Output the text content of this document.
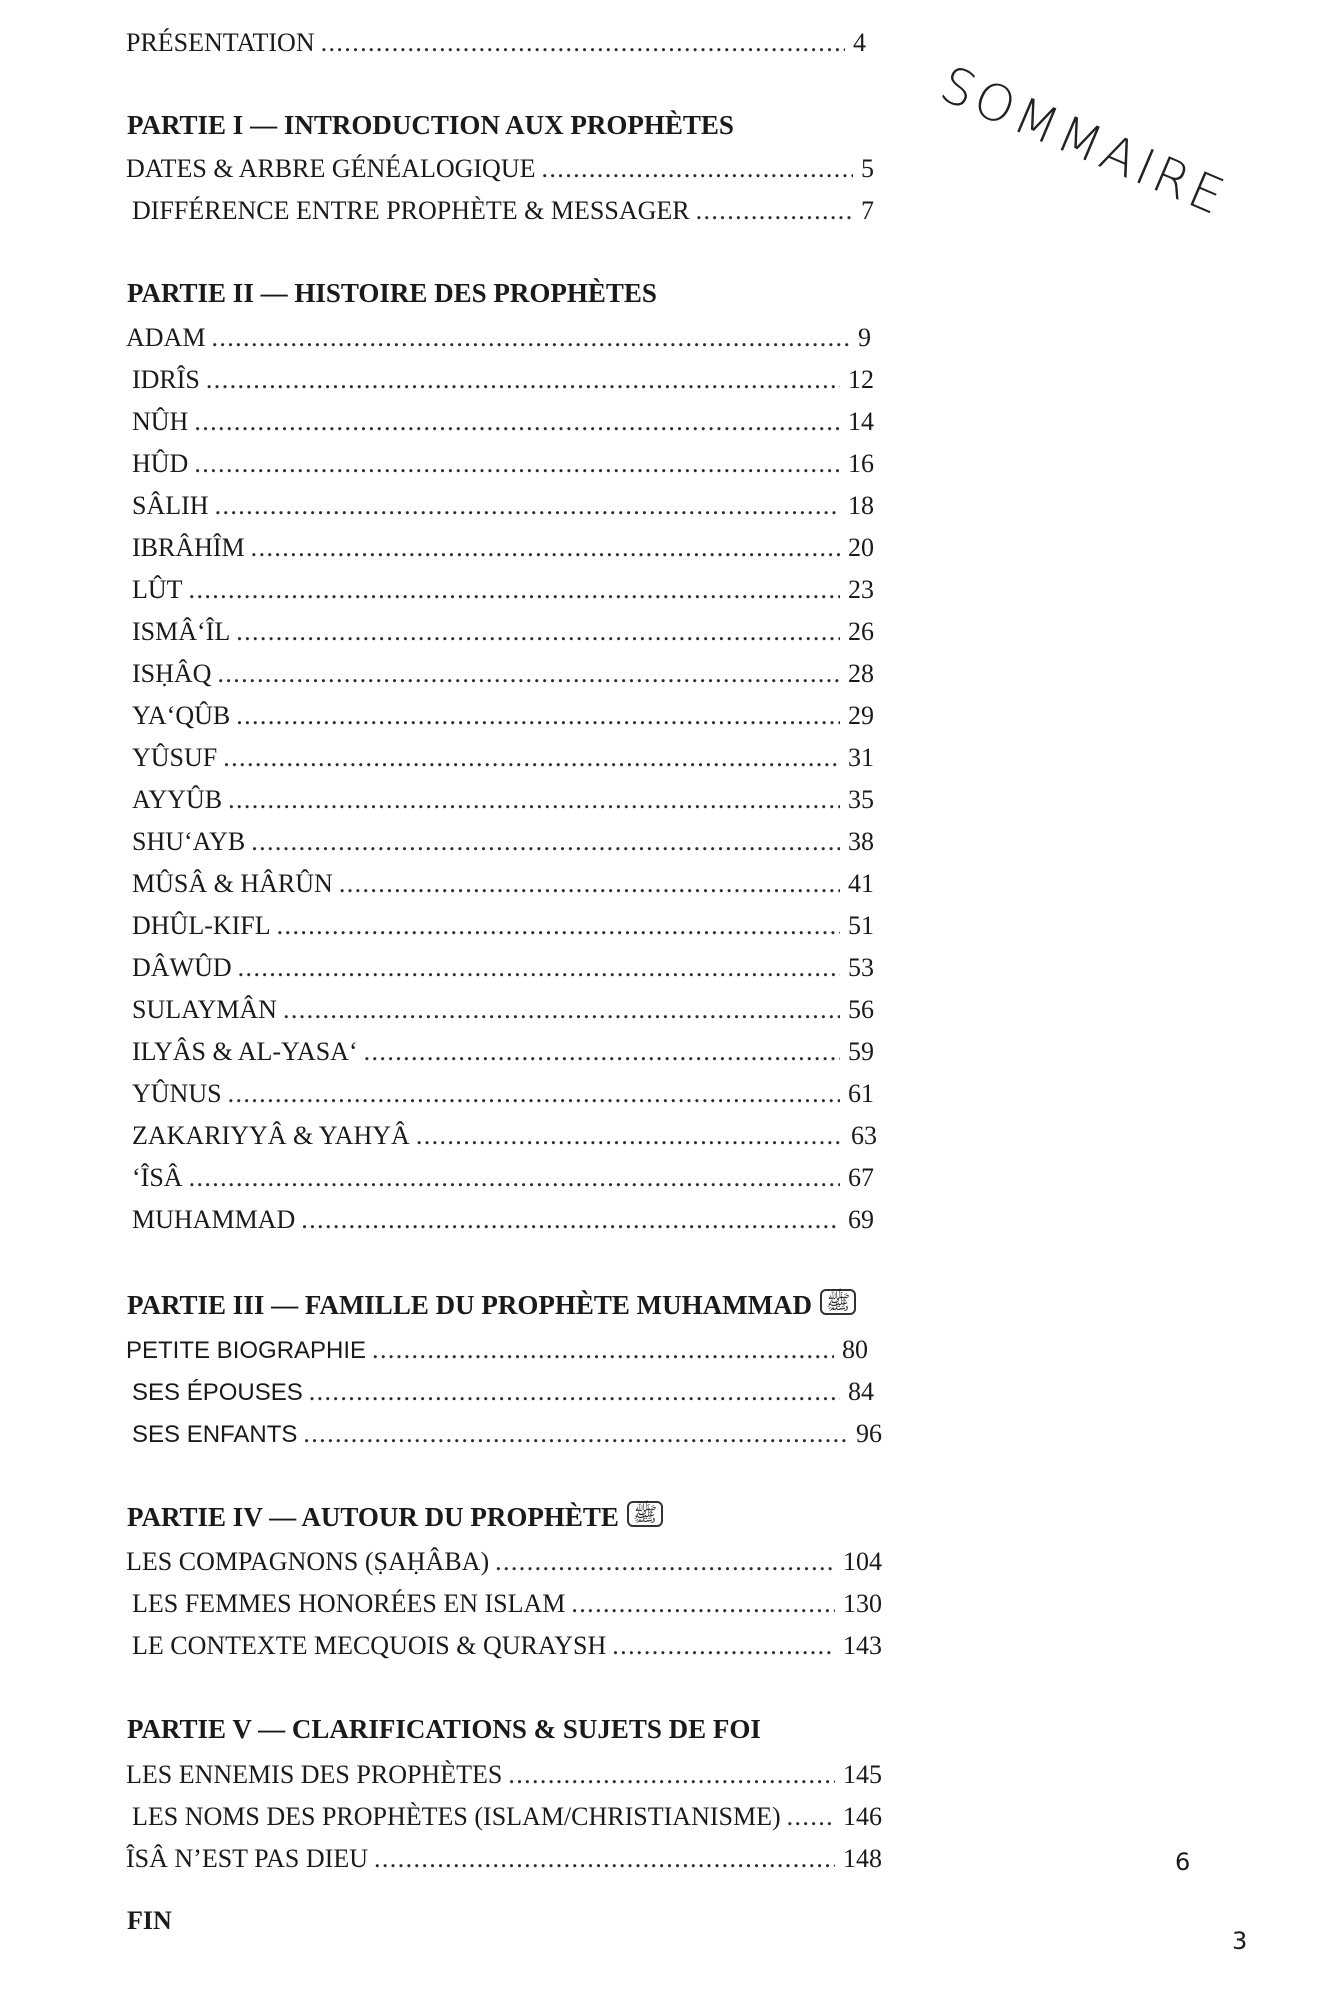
SOMMAIRE
PRÉSENTATION .....	4
PARTIE I — INTRODUCTION AUX PROPHÈTES
DATES & ARBRE GÉNÉALOGIQUE .....	5
DIFFÉRENCE ENTRE PROPHÈTE & MESSAGER .....	7
PARTIE II — HISTOIRE DES PROPHÈTES
ADAM .....	9
IDRÎS .....	12
NÛH .....	14
HÛD .....	16
SÂLIH .....	18
IBRÂHÎM .....	20
LÛT .....	23
ISMÂ‘ÎL .....	26
ISḤÂQ .....	28
YA‘QÛB .....	29
YÛSUF .....	31
AYYÛB .....	35
SHU‘AYB .....	38
MÛSÂ & HÂRÛN .....	41
DHÛL-KIFL .....	51
DÂWÛD .....	53
SULAYMÂN .....	56
ILYÂS & AL-YASA‘ .....	59
YÛNUS .....	61
ZAKARIYYÂ & YAHYÂ .....	63
‘ÎSÂ .....	67
MUHAMMAD .....	69
PARTIE III — FAMILLE DU PROPHÈTE MUHAMMAD ﷺ
PETITE BIOGRAPHIE .....	80
SES ÉPOUSES .....	84
SES ENFANTS .....	96
PARTIE IV — AUTOUR DU PROPHÈTE ﷺ
LES COMPAGNONS (ṢAḤÂBA) .....	104
LES FEMMES HONORÉES EN ISLAM .....	130
LE CONTEXTE MECQUOIS & QURAYSH .....	143
PARTIE V — CLARIFICATIONS & SUJETS DE FOI
LES ENNEMIS DES PROPHÈTES .....	145
LES NOMS DES PROPHÈTES (ISLAM/CHRISTIANISME) .....	146
ÎSÂ N’EST PAS DIEU .....	148
FIN
6
3
